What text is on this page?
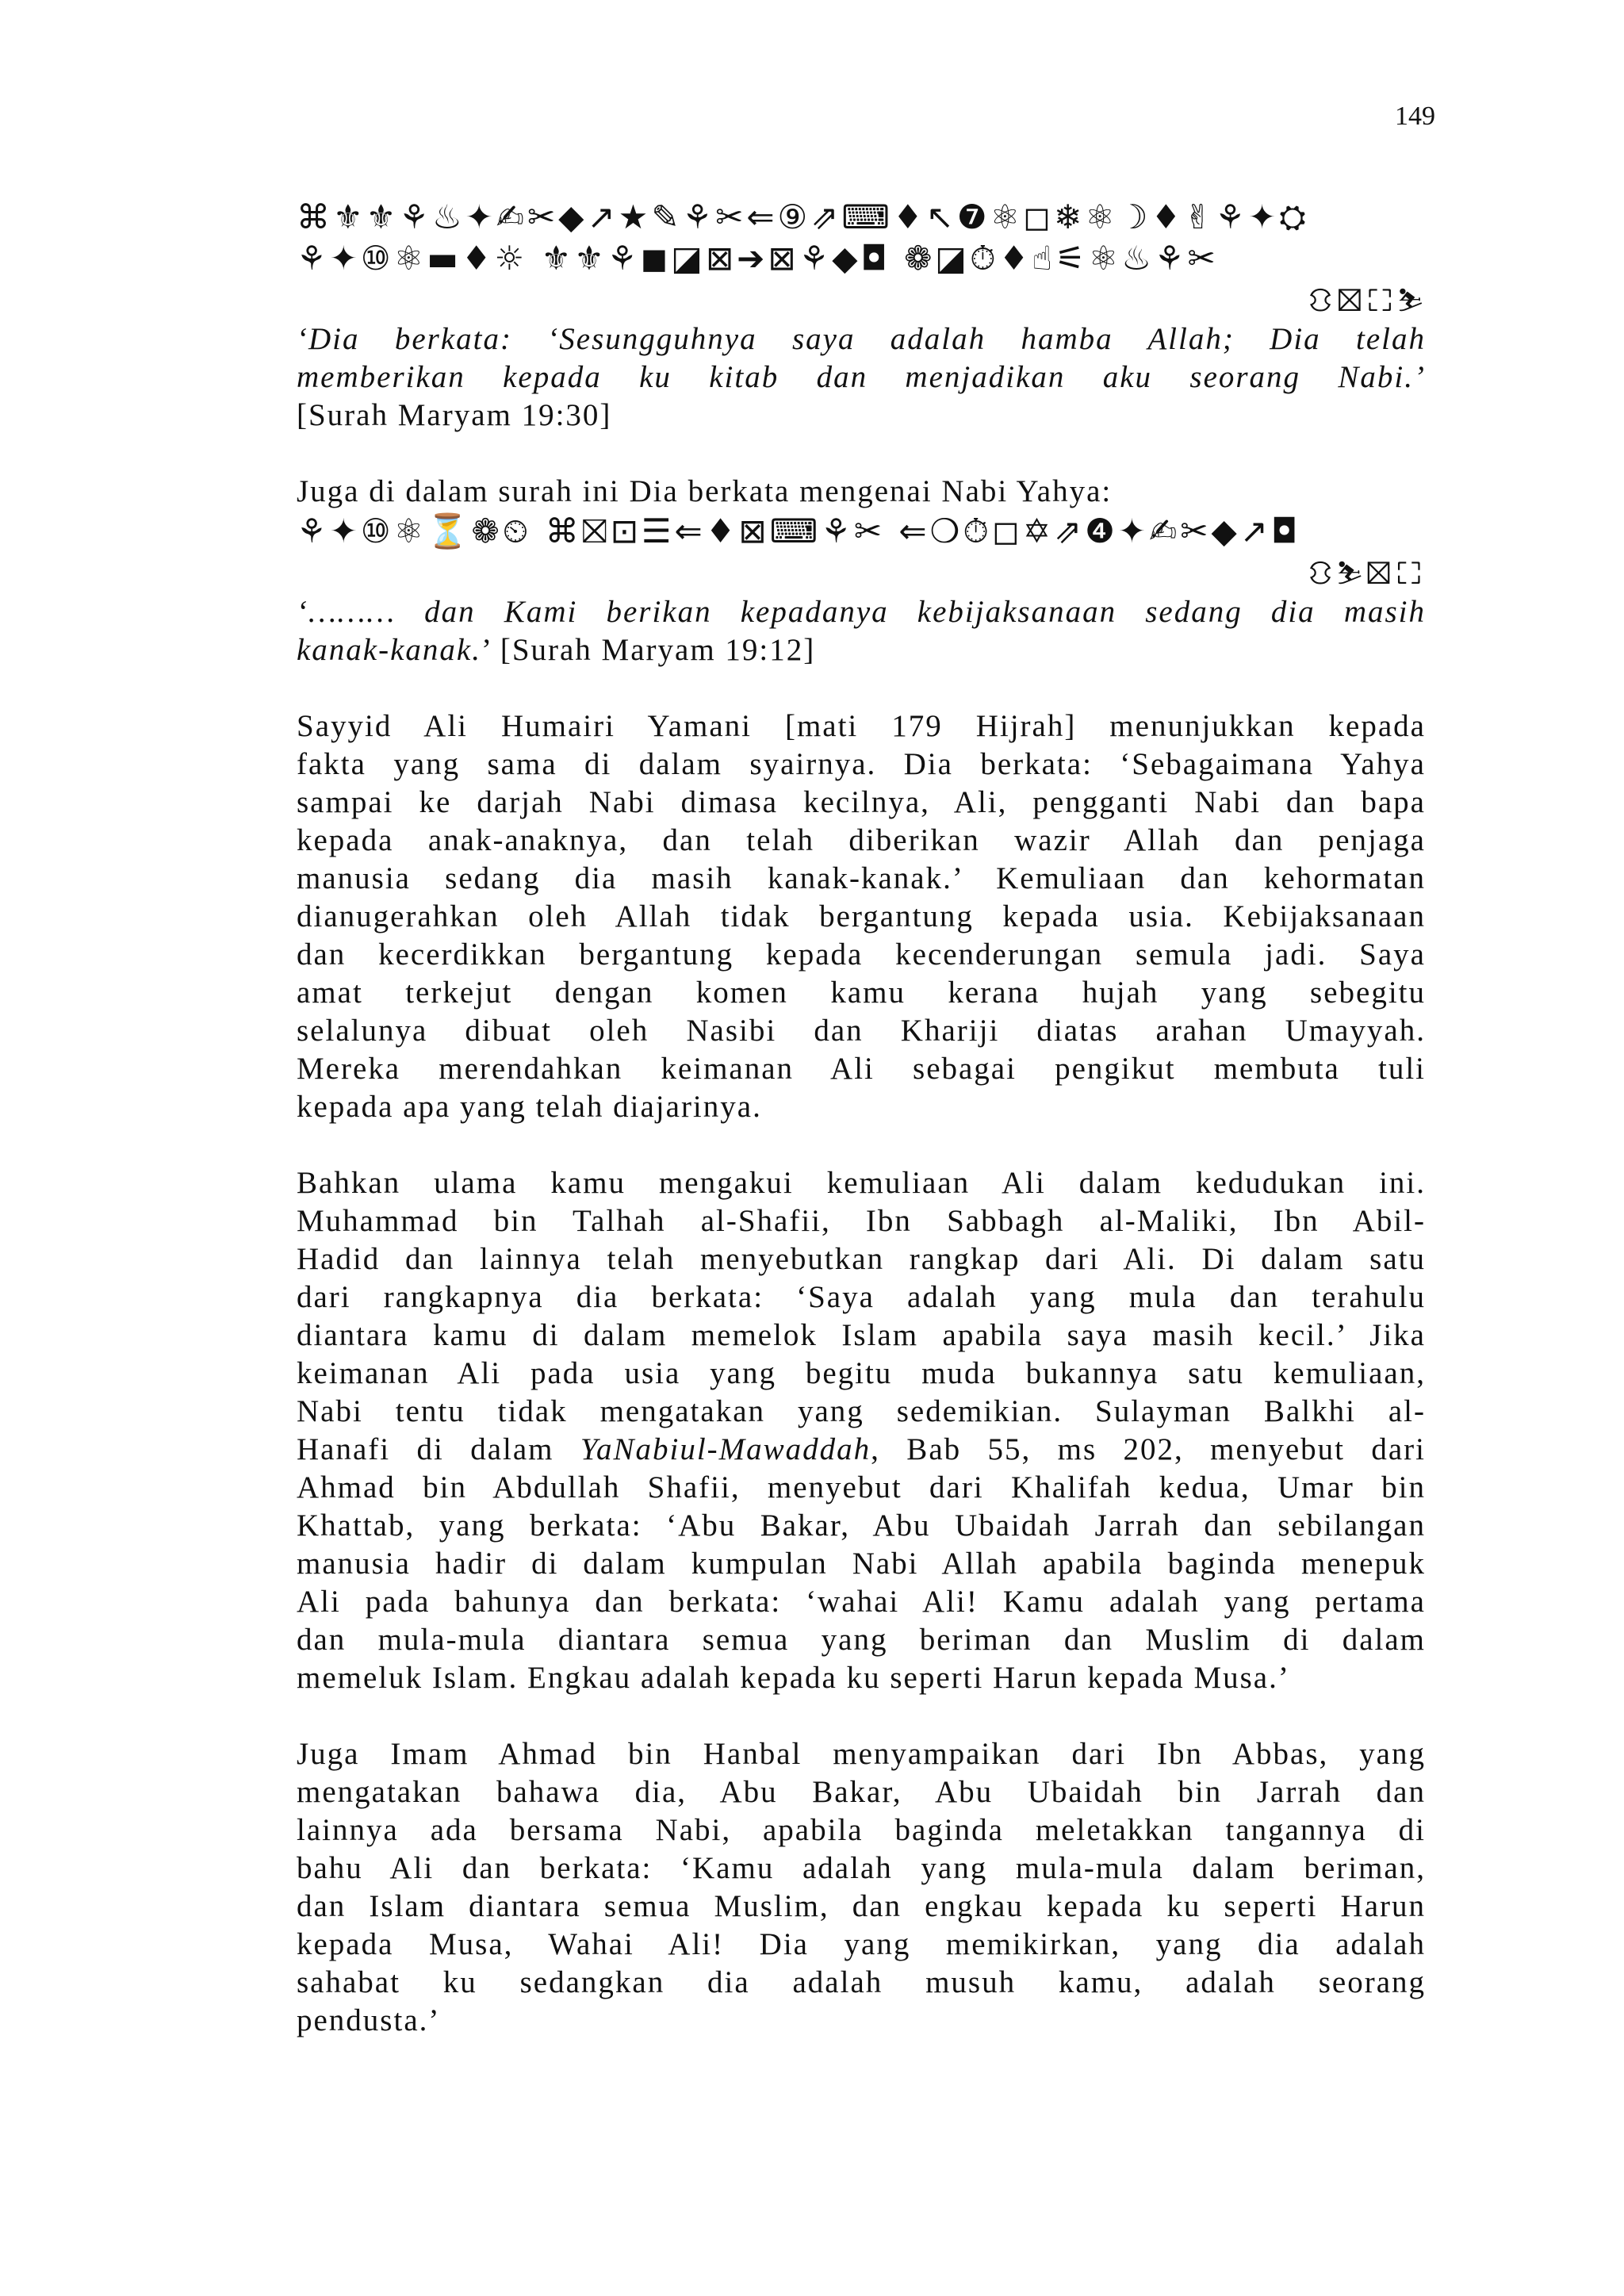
149
⌘⚜⚜⚘♨✦✍✂◆↗★✎⚘✂⇐⑨⇗⌨♦↖❼⚛◻❄⚛☽♦✌⚘✦⛭
⚘✦⑩⚛▬♦☼ ⚜⚜⚘◼◪⊠➔⊠⚘◆◘ ❁◪⏱♦☝⚟⚛♨⚘✂
⛻⛝⛶⛷
‘Dia berkata: ‘Sesungguhnya saya adalah hamba Allah; Dia telah
memberikan kepada ku kitab dan menjadikan aku seorang Nabi.’
[Surah Maryam 19:30]
Juga di dalam surah ini Dia berkata mengenai Nabi Yahya:
⚘✦⑩⚛⏳❁⏲ ⌘⛝⊡☰⇐♦⊠⌨⚘✂ ⇐❍⏱◻✡⇗❹✦✍✂◆↗◘
⛻⛷⛝⛶
‘……… dan Kami berikan kepadanya kebijaksanaan sedang dia masih
kanak-kanak.’ [Surah Maryam 19:12]
Sayyid Ali Humairi Yamani [mati 179 Hijrah] menunjukkan kepada
fakta yang sama di dalam syairnya. Dia berkata: ‘Sebagaimana Yahya
sampai ke darjah Nabi dimasa kecilnya, Ali, pengganti Nabi dan bapa
kepada anak-anaknya, dan telah diberikan wazir Allah dan penjaga
manusia sedang dia masih kanak-kanak.’ Kemuliaan dan kehormatan
dianugerahkan oleh Allah tidak bergantung kepada usia. Kebijaksanaan
dan kecerdikkan bergantung kepada kecenderungan semula jadi. Saya
amat terkejut dengan komen kamu kerana hujah yang sebegitu
selalunya dibuat oleh Nasibi dan Khariji diatas arahan Umayyah.
Mereka merendahkan keimanan Ali sebagai pengikut membuta tuli
kepada apa yang telah diajarinya.
Bahkan ulama kamu mengakui kemuliaan Ali dalam kedudukan ini.
Muhammad bin Talhah al-Shafii, Ibn Sabbagh al-Maliki, Ibn Abil-
Hadid dan lainnya telah menyebutkan rangkap dari Ali. Di dalam satu
dari rangkapnya dia berkata: ‘Saya adalah yang mula dan terahulu
diantara kamu di dalam memelok Islam apabila saya masih kecil.’ Jika
keimanan Ali pada usia yang begitu muda bukannya satu kemuliaan,
Nabi tentu tidak mengatakan yang sedemikian. Sulayman Balkhi al-
Hanafi di dalam YaNabiul-Mawaddah, Bab 55, ms 202, menyebut dari
Ahmad bin Abdullah Shafii, menyebut dari Khalifah kedua, Umar bin
Khattab, yang berkata: ‘Abu Bakar, Abu Ubaidah Jarrah dan sebilangan
manusia hadir di dalam kumpulan Nabi Allah apabila baginda menepuk
Ali pada bahunya dan berkata: ‘wahai Ali! Kamu adalah yang pertama
dan mula-mula diantara semua yang beriman dan Muslim di dalam
memeluk Islam. Engkau adalah kepada ku seperti Harun kepada Musa.’
Juga Imam Ahmad bin Hanbal menyampaikan dari Ibn Abbas, yang
mengatakan bahawa dia, Abu Bakar, Abu Ubaidah bin Jarrah dan
lainnya ada bersama Nabi, apabila baginda meletakkan tangannya di
bahu Ali dan berkata: ‘Kamu adalah yang mula-mula dalam beriman,
dan Islam diantara semua Muslim, dan engkau kepada ku seperti Harun
kepada Musa, Wahai Ali! Dia yang memikirkan, yang dia adalah
sahabat ku sedangkan dia adalah musuh kamu, adalah seorang
pendusta.’
